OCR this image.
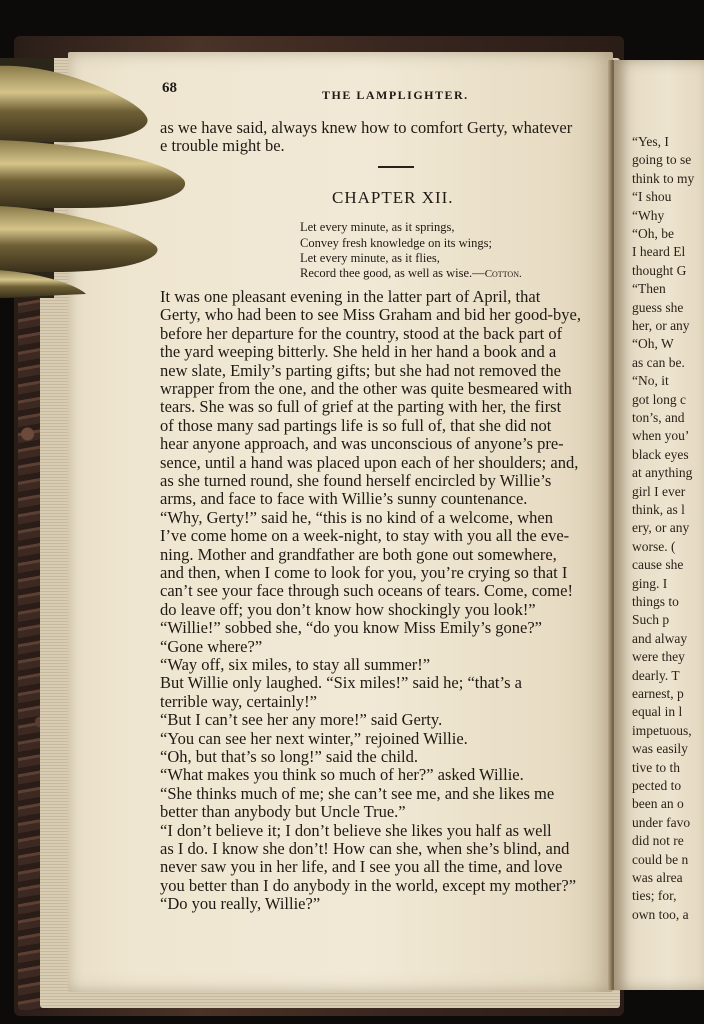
68	THE LAMPLIGHTER.
as we have said, always knew how to comfort Gerty, whatever
e trouble might be.
CHAPTER XII.
Let every minute, as it springs,
Convey fresh knowledge on its wings;
Let every minute, as it flies,
Record thee good, as well as wise.—Cotton.
It was one pleasant evening in the latter part of April, that
Gerty, who had been to see Miss Graham and bid her good-bye,
before her departure for the country, stood at the back part of
the yard weeping bitterly. She held in her hand a book and a
new slate, Emily’s parting gifts; but she had not removed the
wrapper from the one, and the other was quite besmeared with
tears. She was so full of grief at the parting with her, the first
of those many sad partings life is so full of, that she did not
hear anyone approach, and was unconscious of anyone’s pre-
sence, until a hand was placed upon each of her shoulders; and,
as she turned round, she found herself encircled by Willie’s
arms, and face to face with Willie’s sunny countenance.
“Why, Gerty!” said he, “this is no kind of a welcome, when
I’ve come home on a week-night, to stay with you all the eve-
ning. Mother and grandfather are both gone out somewhere,
and then, when I come to look for you, you’re crying so that I
can’t see your face through such oceans of tears. Come, come!
do leave off; you don’t know how shockingly you look!”
“Willie!” sobbed she, “do you know Miss Emily’s gone?”
“Gone where?”
“Way off, six miles, to stay all summer!”
But Willie only laughed. “Six miles!” said he; “that’s a
terrible way, certainly!”
“But I can’t see her any more!” said Gerty.
“You can see her next winter,” rejoined Willie.
“Oh, but that’s so long!” said the child.
“What makes you think so much of her?” asked Willie.
“She thinks much of me; she can’t see me, and she likes me
better than anybody but Uncle True.”
“I don’t believe it; I don’t believe she likes you half as well
as I do. I know she don’t! How can she, when she’s blind, and
never saw you in her life, and I see you all the time, and love
you better than I do anybody in the world, except my mother?”
“Do you really, Willie?”
“Yes, I
going to se
think to my
“I shou
“Why
“Oh, be
I heard El
thought G
“Then
guess she
her, or any
“Oh, W
as can be.
“No, it
got long c
ton’s, and
when you’
black eyes
at anything
girl I ever
think, as l
ery, or any
worse. (
cause she
ging. I
things to
Such p
and alway
were they
dearly. T
earnest, p
equal in l
impetuous,
was easily
tive to th
pected to
been an o
under favo
did not re
could be n
was alrea
ties; for,
own too, a
